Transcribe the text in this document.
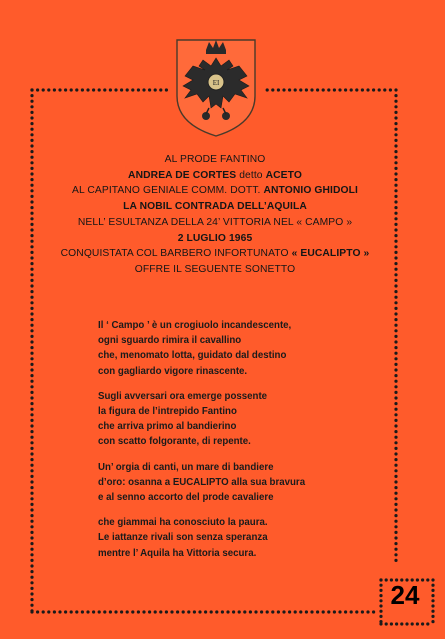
EI
AL PRODE FANTINO
ANDREA DE CORTES detto ACETO
AL CAPITANO GENIALE COMM. DOTT. ANTONIO GHIDOLI
LA NOBIL CONTRADA DELL’AQUILA
NELL’ ESULTANZA DELLA 24’ VITTORIA NEL « CAMPO »
2 LUGLIO 1965
CONQUISTATA COL BARBERO INFORTUNATO « EUCALIPTO »
OFFRE IL SEGUENTE SONETTO
Il ‘ Campo ’ è un crogiuolo incandescente,
ogni sguardo rimira il cavallino
che, menomato lotta, guidato dal destino
con gagliardo vigore rinascente.
Sugli avversari ora emerge possente
la figura de l’intrepido Fantino
che arriva primo al bandierino
con scatto folgorante, di repente.
Un’ orgia di canti, un mare di bandiere
d’oro: osanna a EUCALIPTO alla sua bravura
e al senno accorto del prode cavaliere
che giammai ha conosciuto la paura.
Le iattanze rivali son senza speranza
mentre l’ Aquila ha Vittoria secura.
24
